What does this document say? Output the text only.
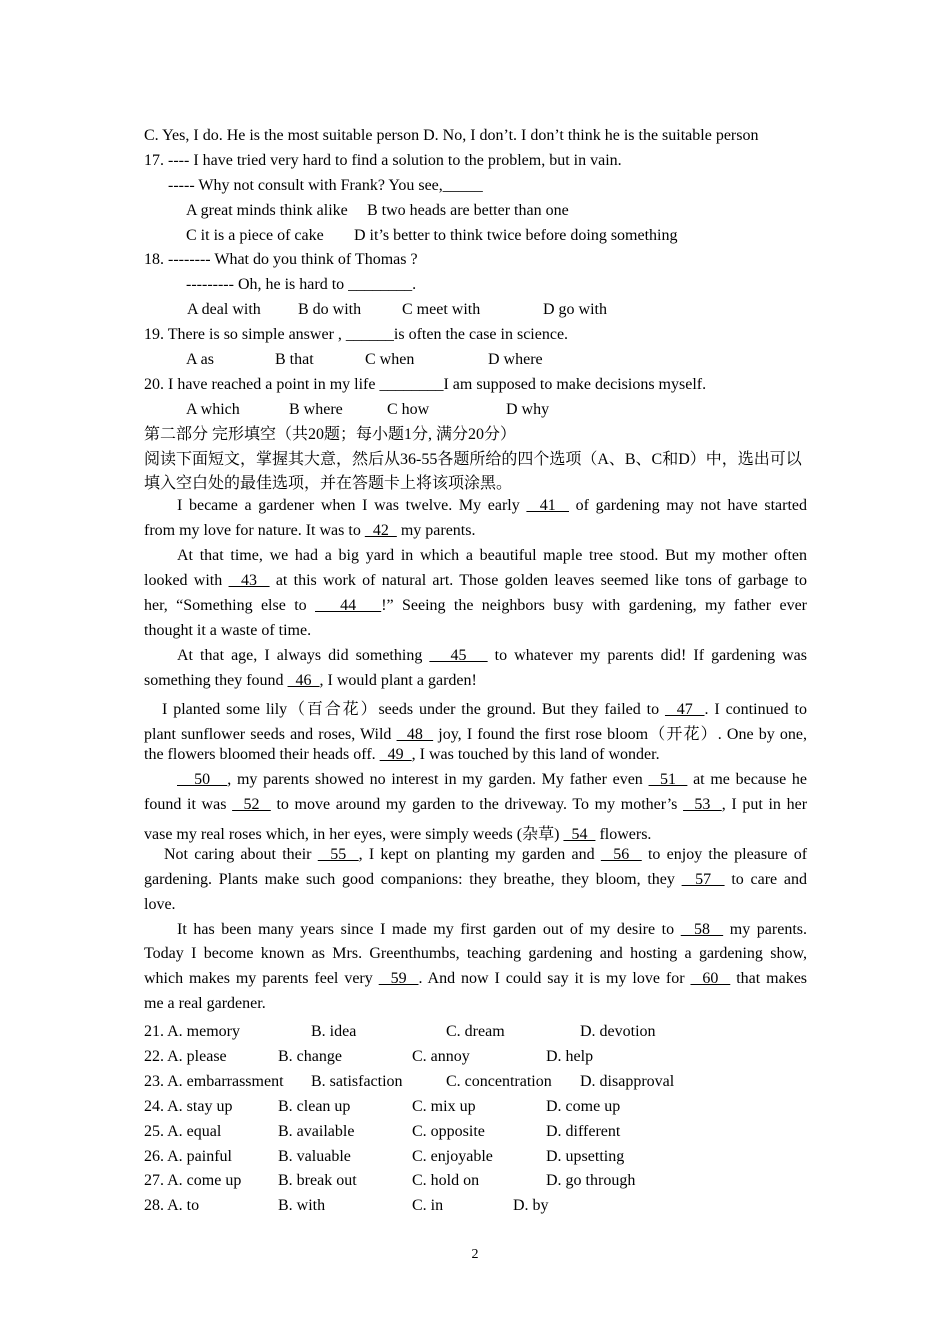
C. Yes, I do. He is the most suitable person D. No, I don’t. I don’t think he is the suitable person
17. ---- I have tried very hard to find a solution to the problem, but in vain.
----- Why not consult with Frank? You see,_____
A great minds think alike B two heads are better than one
C it is a piece of cake D it’s better to think twice before doing something
18. -------- What do you think of Thomas ?
--------- Oh, he is hard to ________.
A deal with B do with	C meet with	D go with
19. There is so simple answer , ______is often the case in science.
A as	B that	C when	D where
20. I have reached a point in my life ________I am supposed to make decisions myself.
A which	B where	C how	D why
第二部分 完形填空（共20题；每小题1分, 满分20分）
阅读下面短文，掌握其大意，然后从36-55各题所给的四个选项（A、B、C和D）中，选出可以
填入空白处的最佳选项，并在答题卡上将该项涂黑。
I became a gardener when I was twelve. My early   41   of gardening may not have started
from my love for nature. It was to   42   my parents.
At that time, we had a big yard in which a beautiful maple tree stood. But my mother often
looked with   43   at this work of natural art. Those golden leaves seemed like tons of garbage to
her, “Something else to    44   !” Seeing the neighbors busy with gardening, my father ever
thought it a waste of time.
At that age, I always did something    45    to whatever my parents did! If gardening was
something they found   46  , I would plant a garden!
I planted some lily（百合花）seeds under the ground. But they failed to   47  . I continued to
plant sunflower seeds and roses, Wild   48   joy, I found the first rose bloom（开花）. One by one,
the flowers bloomed their heads off.   49  , I was touched by this land of wonder.
50   , my parents showed no interest in my garden. My father even   51   at me because he
found it was   52   to move around my garden to the driveway. To my mother’s   53  , I put in her
vase my real roses which, in her eyes, were simply weeds (杂草)   54   flowers.
Not caring about their   55  , I kept on planting my garden and   56   to enjoy the pleasure of
gardening. Plants make such good companions: they breathe, they bloom, they   57   to care and
love.
It has been many years since I made my first garden out of my desire to   58   my parents.
Today I become known as Mrs. Greenthumbs, teaching gardening and hosting a gardening show,
which makes my parents feel very   59  . And now I could say it is my love for   60   that makes
me a real gardener.
21. A. memory	B. idea	C. dream	D. devotion
22. A. please	B. change	C. annoy	D. help
23. A. embarrassment B. satisfaction	C. concentration D. disapproval
24. A. stay up	B. clean up	C. mix up	D. come up
25. A. equal	B. available	C. opposite	D. different
26. A. painful	B. valuable	C. enjoyable	D. upsetting
27. A. come up B. break out	C. hold on	D. go through
28. A. to	B. with	C. in	D. by
2
